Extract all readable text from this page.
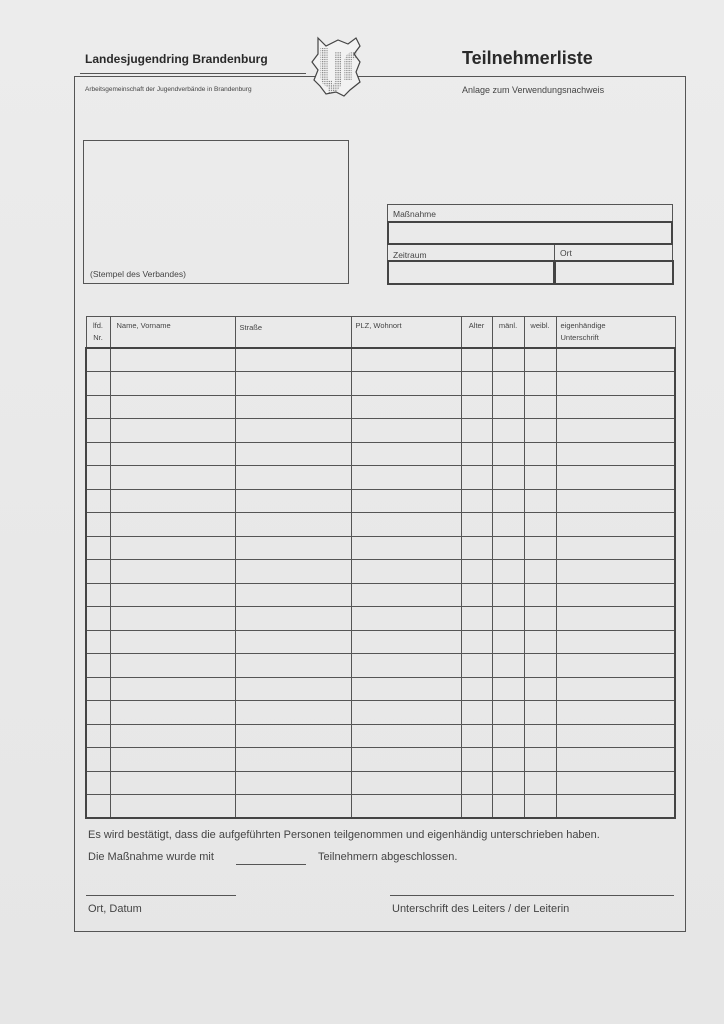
Landesjugendring Brandenburg
Arbeitsgemeinschaft der Jugendverbände in Brandenburg
Teilnehmerliste
Anlage zum Verwendungsnachweis
(Stempel des Verbandes)
Maßnahme
Zeitraum	Ort
lfd.
Nr.	Name, Vorname	Straße	PLZ, Wohnort	Alter	mänl.	weibl.	eigenhändige
Unterschrift

Es wird bestätigt, dass die aufgeführten Personen teilgenommen und eigenhändig unterschrieben haben.
Die Maßnahme wurde mit	Teilnehmern abgeschlossen.
Ort, Datum	Unterschrift des Leiters / der Leiterin
